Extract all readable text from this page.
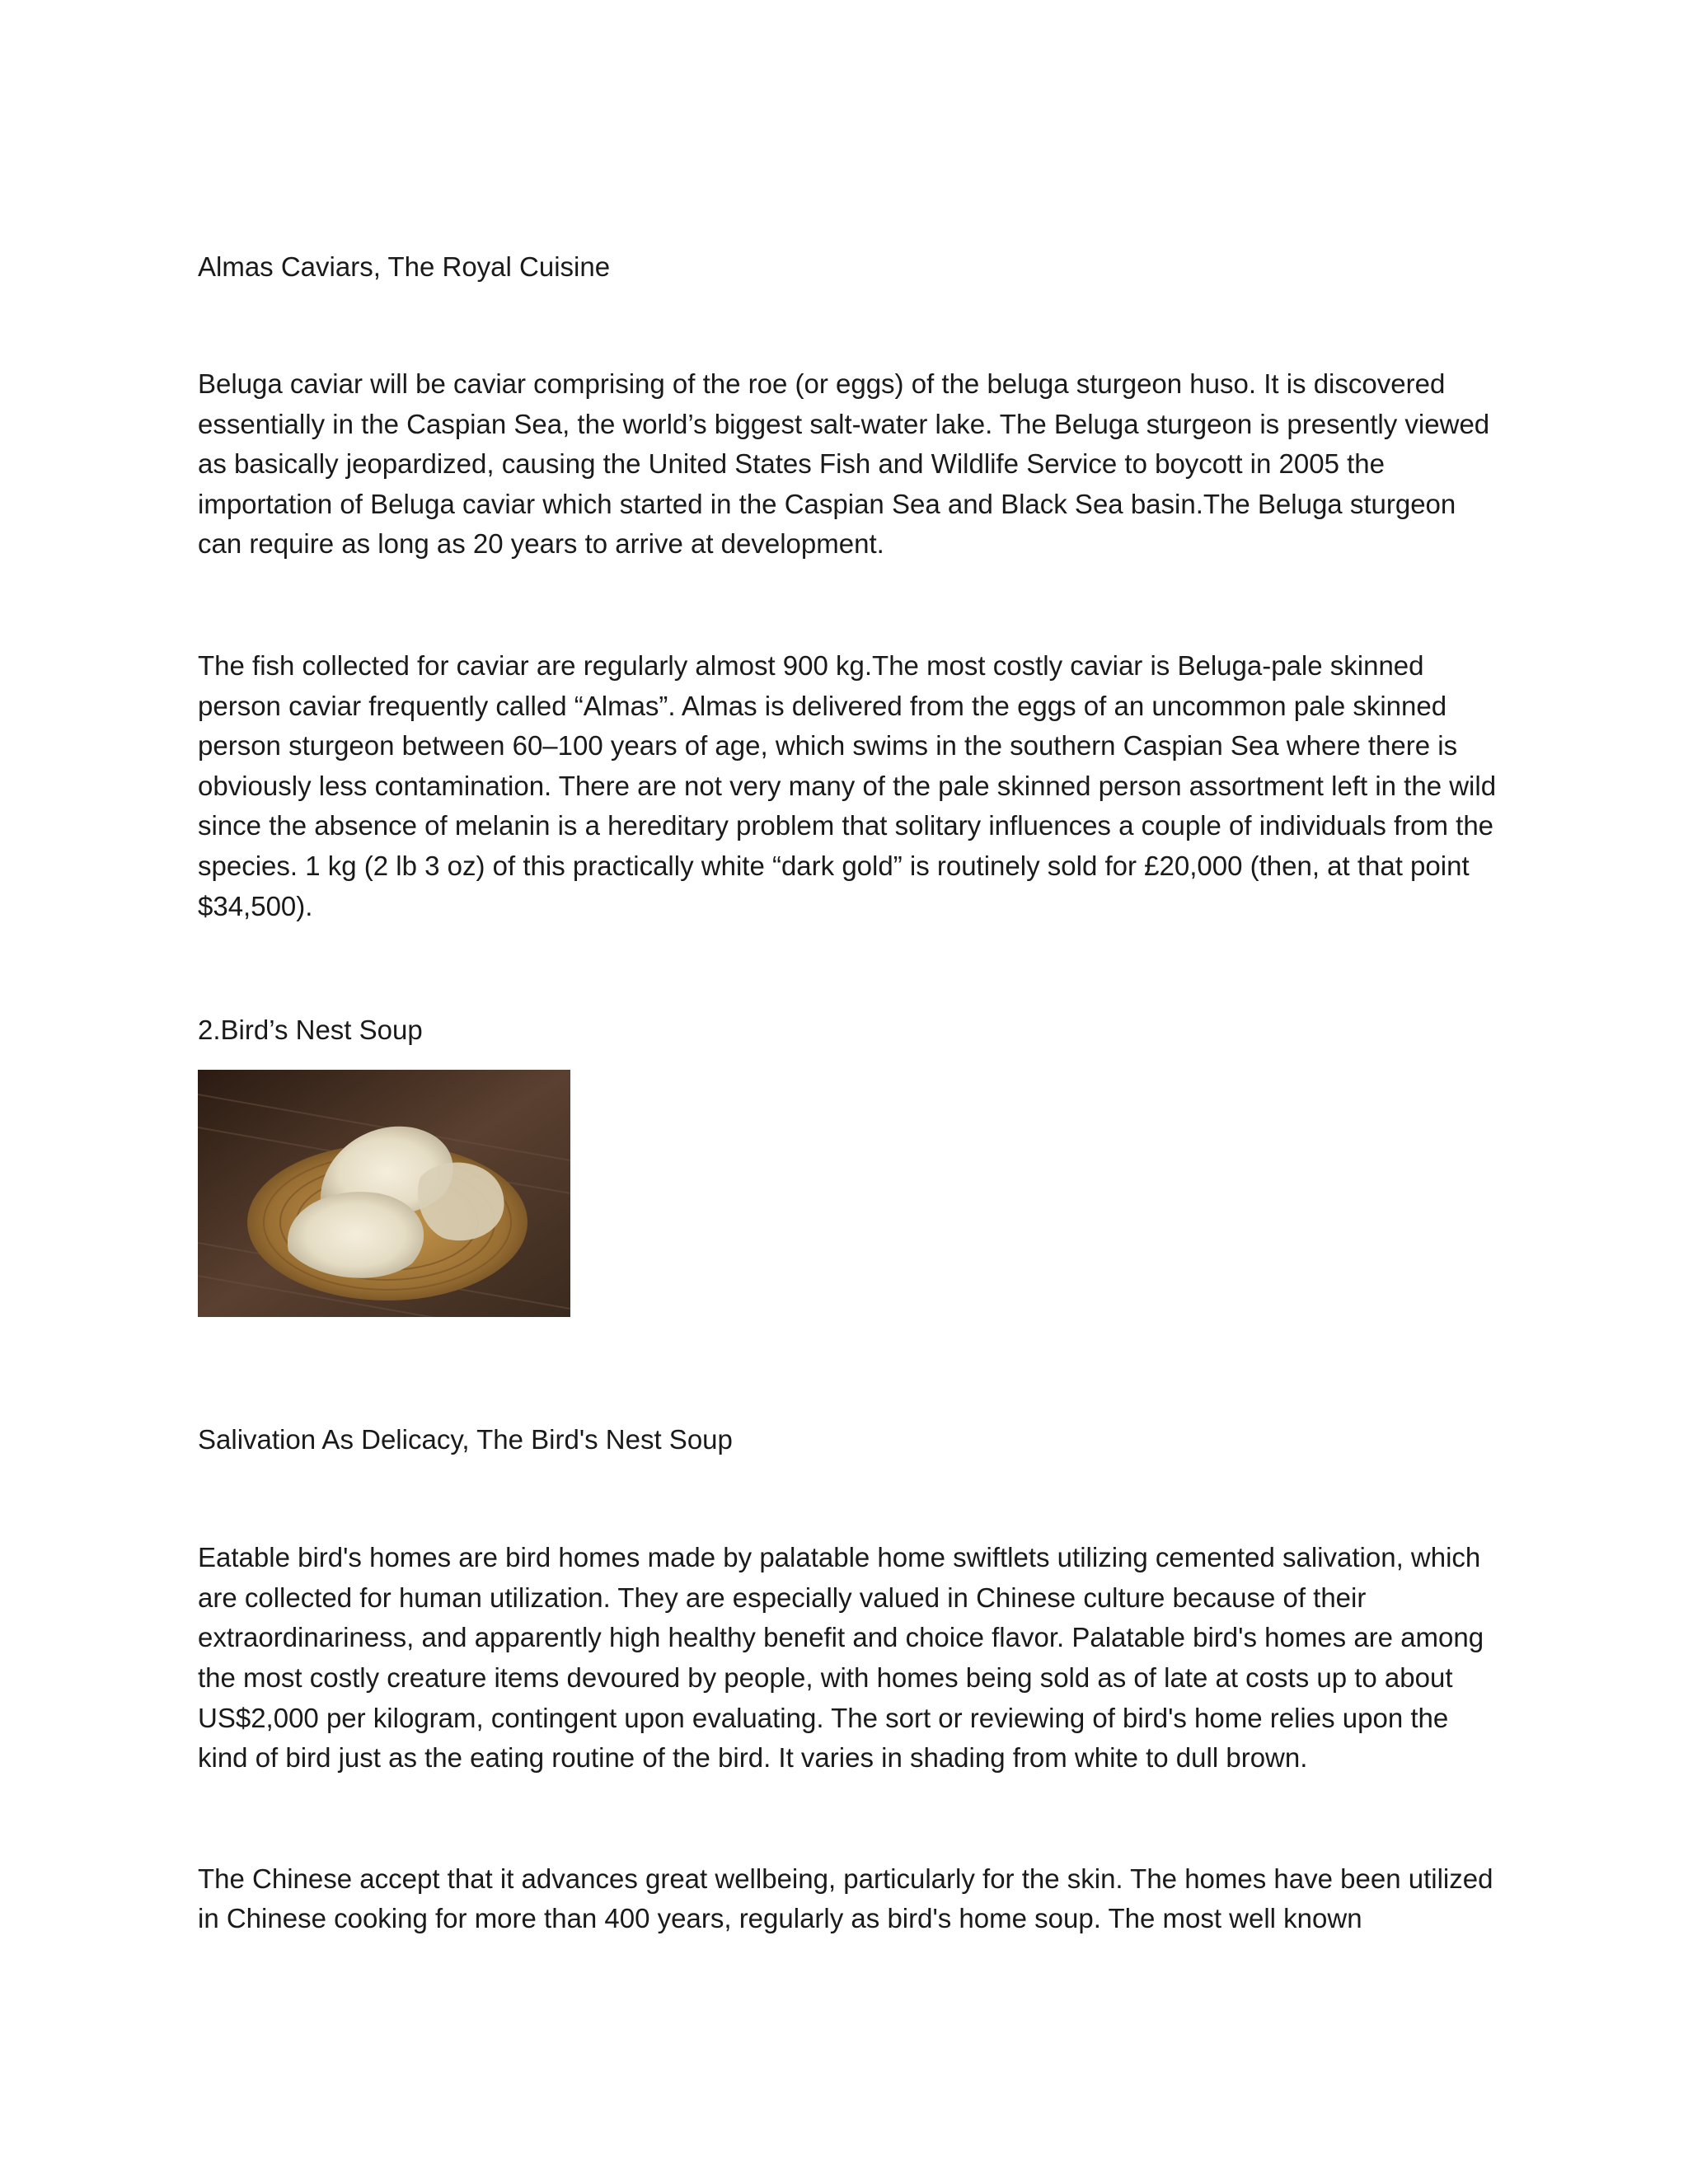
Almas Caviars, The Royal Cuisine

Beluga caviar will be caviar comprising of the roe (or eggs) of the beluga sturgeon huso. It is discovered essentially in the Caspian Sea, the world’s biggest salt-water lake. The Beluga sturgeon is presently viewed as basically jeopardized, causing the United States Fish and Wildlife Service to boycott in 2005 the importation of Beluga caviar which started in the Caspian Sea and Black Sea basin.The Beluga sturgeon can require as long as 20 years to arrive at development.

The fish collected for caviar are regularly almost 900 kg.The most costly caviar is Beluga-pale skinned person caviar frequently called “Almas”. Almas is delivered from the eggs of an uncommon pale skinned person sturgeon between 60–100 years of age, which swims in the southern Caspian Sea where there is obviously less contamination. There are not very many of the pale skinned person assortment left in the wild since the absence of melanin is a hereditary problem that solitary influences a couple of individuals from the species. 1 kg (2 lb 3 oz) of this practically white “dark gold” is routinely sold for £20,000 (then, at that point $34,500).

2.Bird’s Nest Soup

Salivation As Delicacy, The Bird's Nest Soup

Eatable bird's homes are bird homes made by palatable home swiftlets utilizing cemented salivation, which are collected for human utilization. They are especially valued in Chinese culture because of their extraordinariness, and apparently high healthy benefit and choice flavor. Palatable bird's homes are among the most costly creature items devoured by people, with homes being sold as of late at costs up to about US$2,000 per kilogram, contingent upon evaluating. The sort or reviewing of bird's home relies upon the kind of bird just as the eating routine of the bird. It varies in shading from white to dull brown.

The Chinese accept that it advances great wellbeing, particularly for the skin. The homes have been utilized in Chinese cooking for more than 400 years, regularly as bird's home soup. The most well known
